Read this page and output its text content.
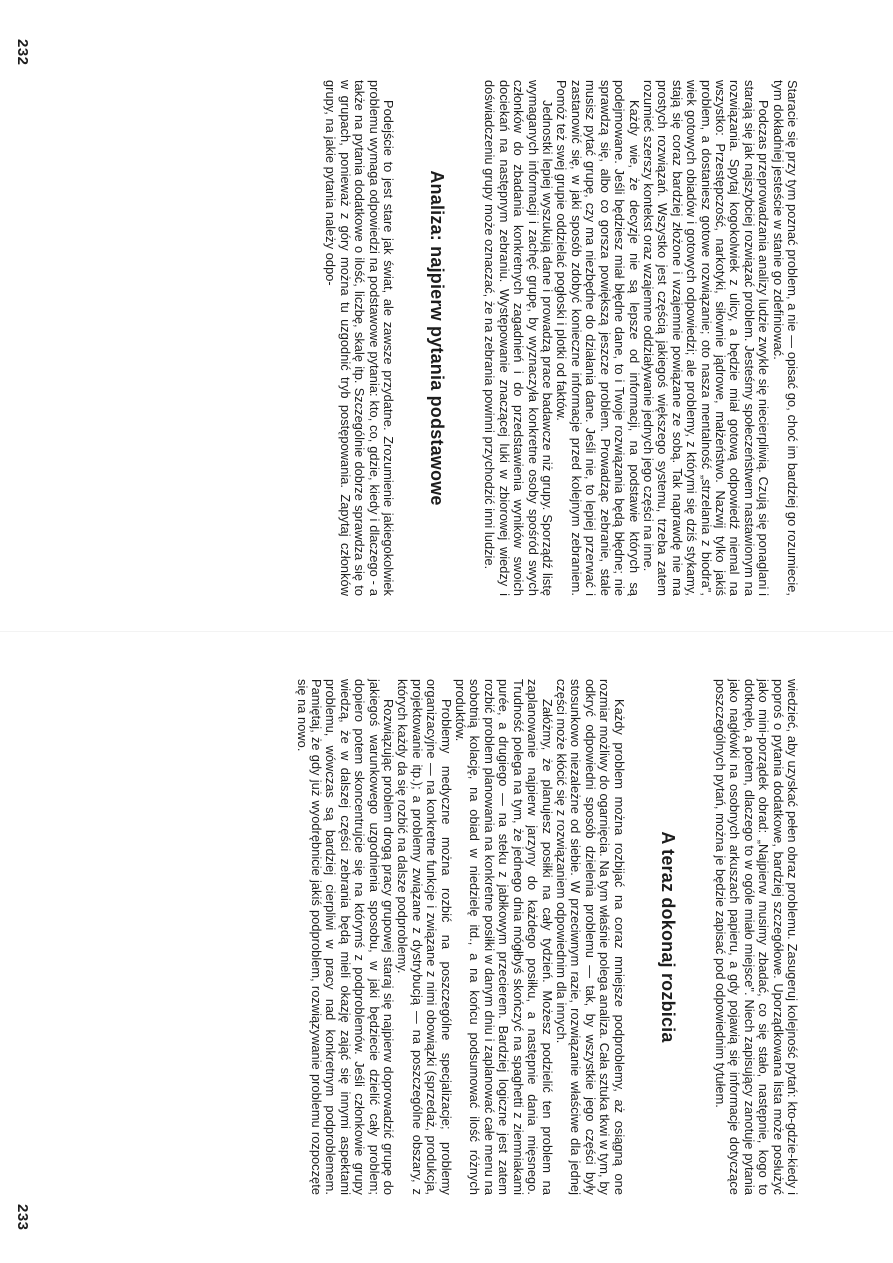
Staracie się przy tym poznać problem, a nie — opisać go, choć im bardziej go rozumiecie, tym dokładniej jesteście w stanie go zdefiniować.

Podczas przeprowadzania analizy ludzie zwykle się niecierpliwią. Czują się ponaglani i starają się jak najszybciej rozwiązać problem. Jesteśmy społeczeństwem nastawionym na rozwiązania. Spytaj kogokolwiek z ulicy, a będzie miał gotową odpowiedź niemal na wszystko: Przestępczość, narkotyki, siłownie jądrowe, małżeństwo. Nazwij tylko jakiś problem, a dostaniesz gotowe rozwiązanie; oto nasza mentalność „strzelania z biodra", wiek gotowych obiadów i gotowych odpowiedzi; ale problemy, z którymi się dziś stykamy, stają się coraz bardziej złożone i wzajemnie powiązane ze sobą. Tak naprawdę nie ma prostych rozwiązań. Wszystko jest częścią jakiegoś większego systemu, trzeba zatem rozumieć szerszy kontekst oraz wzajemne oddziaływanie jednych jego części na inne.

Każdy wie, że decyzje nie są lepsze od informacji, na podstawie których są podejmowane. Jeśli będziesz miał błędne dane, to i Twoje rozwiązania będą błędne; nie sprawdzą się, albo co gorsza powiększą jeszcze problem. Prowadząc zebranie, stale musisz pytać grupę, czy ma niezbędne do działania dane. Jeśli nie, to lepiej przerwać i zastanowić się, w jaki sposób zdobyć konieczne informacje przed kolejnym zebraniem. Pomóż też swej grupie oddzielać pogłoski i plotki od faktów.

Jednostki lepiej wyszukują dane i prowadzą prace badawcze niż grupy. Sporządź listę wymaganych informacji i zachęć grupę, by wyznaczyła konkretne osoby spośród swych członków do zbadania konkretnych zagadnień i do przedstawienia wyników swoich dociekań na następnym zebraniu. Występowanie znaczącej luki w zbiorowej wiedzy i doświadczeniu grupy może oznaczać, że na zebrania powinni przychodzić inni ludzie.

Analiza: najpierw pytania podstawowe

Podejście to jest stare jak świat, ale zawsze przydatne. Zrozumienie jakiegokolwiek problemu wymaga odpowiedzi na podstawowe pytania: kto, co, gdzie, kiedy i dlaczego - a także na pytania dodatkowe o ilość, liczbę, skalę itp. Szczególnie dobrze sprawdza się to w grupach, ponieważ z góry można tu uzgodnić tryb postępowania. Zapytaj członków grupy, na jakie pytania należy odpo-

232

wiedzieć, aby uzyskać pełen obraz problemu. Zasugeruj kolejność pytań: kto-gdzie-kiedy i poproś o pytania dodatkowe, bardziej szczegółowe. Uporządkowana lista może posłużyć jako mini-porządek obrad: „Najpierw musimy zbadać, co się stało, następnie, kogo to dotknęło, a potem, dlaczego to w ogóle miało miejsce". Niech zapisujący zanotuje pytania jako nagłówki na osobnych arkuszach papieru, a gdy pojawią się informacje dotyczące poszczególnych pytań, można je będzie zapisać pod odpowiednim tytułem.

A teraz dokonaj rozbicia

Każdy problem można rozbijać na coraz mniejsze podproblemy, aż osiągną one rozmiar możliwy do ogarnięcia. Na tym właśnie polega analiza. Cała sztuka tkwi w tym, by odkryć odpowiedni sposób dzielenia problemu — tak, by wszystkie jego części były stosunkowo niezależne od siebie. W przeciwnym razie, rozwiązanie właściwe dla jednej części może kłócić się z rozwiązaniem odpowiednim dla innych.

Załóżmy, że planujesz posiłki na cały tydzień. Możesz podzielić ten problem na zaplanowanie najpierw jarzyny do każdego posiłku, a następnie dania mięsnego. Trudność polega na tym, że jednego dnia mógłbyś skończyć na spaghetti z ziemniakami purée, a drugiego — na steku z jabłkowym przecierem. Bardziej logiczne jest zatem rozbić problem planowania na konkretne posiłki w danym dniu i zaplanować całe menu na sobotnią kolację, na obiad w niedzielę itd., a na końcu podsumować ilość różnych produktów.

Problemy medyczne można rozbić na poszczególne specjalizacje; problemy organizacyjne — na konkretne funkcje i związane z nimi obowiązki (sprzedaż, produkcja, projektowanie itp.); a problemy związane z dystrybucją — na poszczególne obszary, z których każdy da się rozbić na dalsze podproblemy.

Rozwiązując problem drogą pracy grupowej staraj się najpierw doprowadzić grupę do jakiegoś warunkowego uzgodnienia sposobu, w jaki będziecie dzielić cały problem; dopiero potem skoncentrujcie się na którymś z podproblemów. Jeśli członkowie grupy wiedzą, że w dalszej części zebrania będą mieli okazję zająć się innymi aspektami problemu, wówczas są bardziej cierpliwi w pracy nad konkretnym podproblemem. Pamiętaj, że gdy już wyodrębnicie jakiś podproblem, rozwiązywanie problemu rozpoczęte się na nowo.

233
